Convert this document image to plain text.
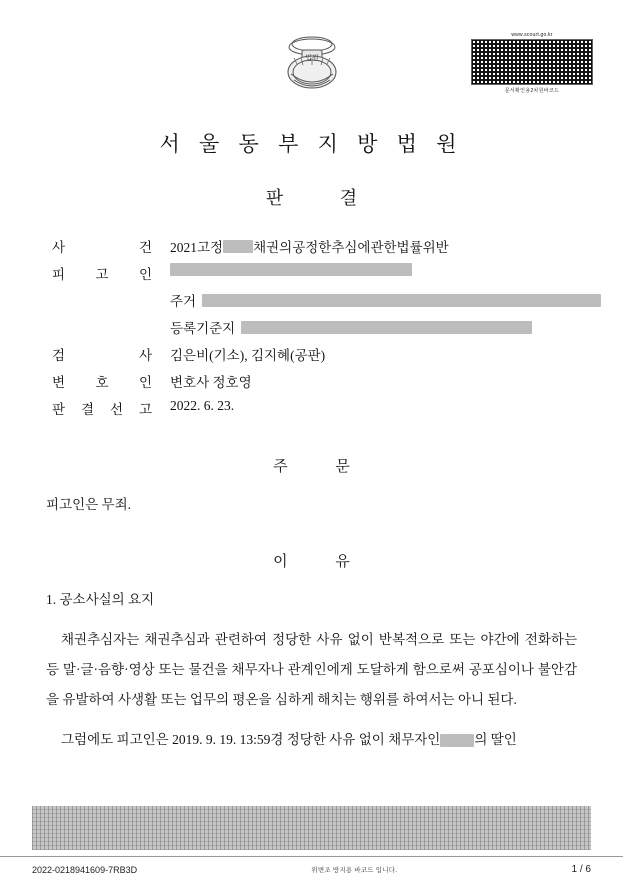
법원
www.scourt.go.kr
문서확인용2차원바코드
서 울 동 부 지 방 법 원
판 결
사	건 2021고정 채권의공정한추심에관한법률위반
피 고 인
주거
등록기준지
검	사 김은비(기소), 김지혜(공판)
변 호 인 변호사 정호영
판 결 선 고 2022. 6. 23.
주 문

피고인은 무죄.

이 유

1. 공소사실의 요지

채권추심자는 채권추심과 관련하여 정당한 사유 없이 반복적으로 또는 야간에 전화하는 등 말·글·음향·영상 또는 물건을 채무자나 관계인에게 도달하게 함으로써 공포심이나 불안감을 유발하여 사생활 또는 업무의 평온을 심하게 해치는 행위를 하여서는 아니 된다.

그럼에도 피고인은 2019. 9. 19. 13:59경 정당한 사유 없이 채무자인	의 딸인

2022-0218941609-7RB3D	위변조 방지용 바코드 입니다.	1 / 6
